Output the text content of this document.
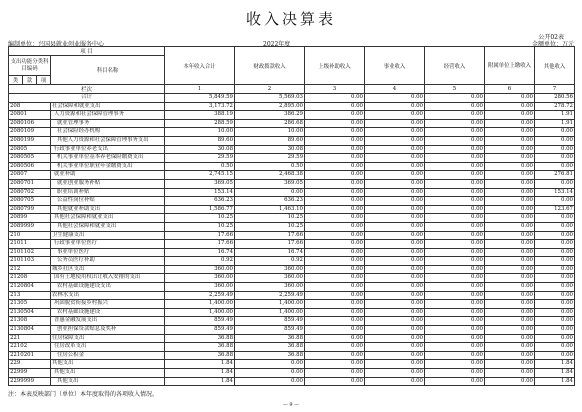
收入决算表
公开02表
编制单位：兴国县就业创业服务中心	2022年度	金额单位：万元
项 目				本年收入合计	财政拨款收入	上级补助收入	事业收入	经营收入	附属单位上缴收入	其他收入
支出功能分类科目编码			科目名称							
类	款	项								
栏次				1	2	3	4	5	6	7
合计				5,849.59	5,569.03	0.00	0.00	0.00	0.00	280.56
208			社会保障和就业支出	3,173.72	2,895.00	0.00	0.00	0.00	0.00	278.72
20801			人力资源和社会保障管理事务	388.19	386.29	0.00	0.00	0.00	0.00	1.91
2080106			就业管理事务	288.59	286.68	0.00	0.00	0.00	0.00	1.91
2080109			社会保险经办机构	10.00	10.00	0.00	0.00	0.00	0.00	0.00
2080199			其他人力资源和社会保障管理事务支出	89.60	89.60	0.00	0.00	0.00	0.00	0.00
20805			行政事业单位养老支出	30.08	30.08	0.00	0.00	0.00	0.00	0.00
2080505			机关事业单位基本养老保险缴费支出	29.59	29.59	0.00	0.00	0.00	0.00	0.00
2080506			机关事业单位职业年金缴费支出	0.50	0.50	0.00	0.00	0.00	0.00	0.00
20807			就业补助	2,745.15	2,468.38	0.00	0.00	0.00	0.00	276.81
2080701			就业创业服务补贴	369.05	369.05	0.00	0.00	0.00	0.00	0.00
2080702			职业培训补贴	153.14	0.00	0.00	0.00	0.00	0.00	153.14
2080705			公益性岗位补贴	636.23	636.23	0.00	0.00	0.00	0.00	0.00
2080799			其他就业补助支出	1,586.77	1,463.10	0.00	0.00	0.00	0.00	123.67
20899			其他社会保障和就业支出	10.25	10.25	0.00	0.00	0.00	0.00	0.00
2089999			其他社会保障和就业支出	10.25	10.25	0.00	0.00	0.00	0.00	0.00
210			卫生健康支出	17.66	17.66	0.00	0.00	0.00	0.00	0.00
21011			行政事业单位医疗	17.66	17.66	0.00	0.00	0.00	0.00	0.00
2101102			事业单位医疗	16.74	16.74	0.00	0.00	0.00	0.00	0.00
2101103			公务员医疗补助	0.92	0.92	0.00	0.00	0.00	0.00	0.00
212			城乡社区支出	360.00	360.00	0.00	0.00	0.00	0.00	0.00
21208			国有土地使用权出让收入安排的支出	360.00	360.00	0.00	0.00	0.00	0.00	0.00
2120804			农村基础设施建设支出	360.00	360.00	0.00	0.00	0.00	0.00	0.00
213			农林水支出	2,259.49	2,259.49	0.00	0.00	0.00	0.00	0.00
21305			巩固脱贫衔接乡村振兴	1,400.00	1,400.00	0.00	0.00	0.00	0.00	0.00
2130504			农村基础设施建设	1,400.00	1,400.00	0.00	0.00	0.00	0.00	0.00
21308			普惠金融发展支出	859.49	859.49	0.00	0.00	0.00	0.00	0.00
2130804			创业担保贷款贴息及奖补	859.49	859.49	0.00	0.00	0.00	0.00	0.00
221			住房保障支出	36.88	36.88	0.00	0.00	0.00	0.00	0.00
22102			住房改革支出	36.88	36.88	0.00	0.00	0.00	0.00	0.00
2210201			住房公积金	36.88	36.88	0.00	0.00	0.00	0.00	0.00
229			其他支出	1.84	0.00	0.00	0.00	0.00	0.00	1.84
22999			其他支出	1.84	0.00	0.00	0.00	0.00	0.00	1.84
2299999			其他支出	1.84	0.00	0.00	0.00	0.00	0.00	1.84
注：本表反映部门（单位）本年度取得的各项收入情况。
— 9 —
